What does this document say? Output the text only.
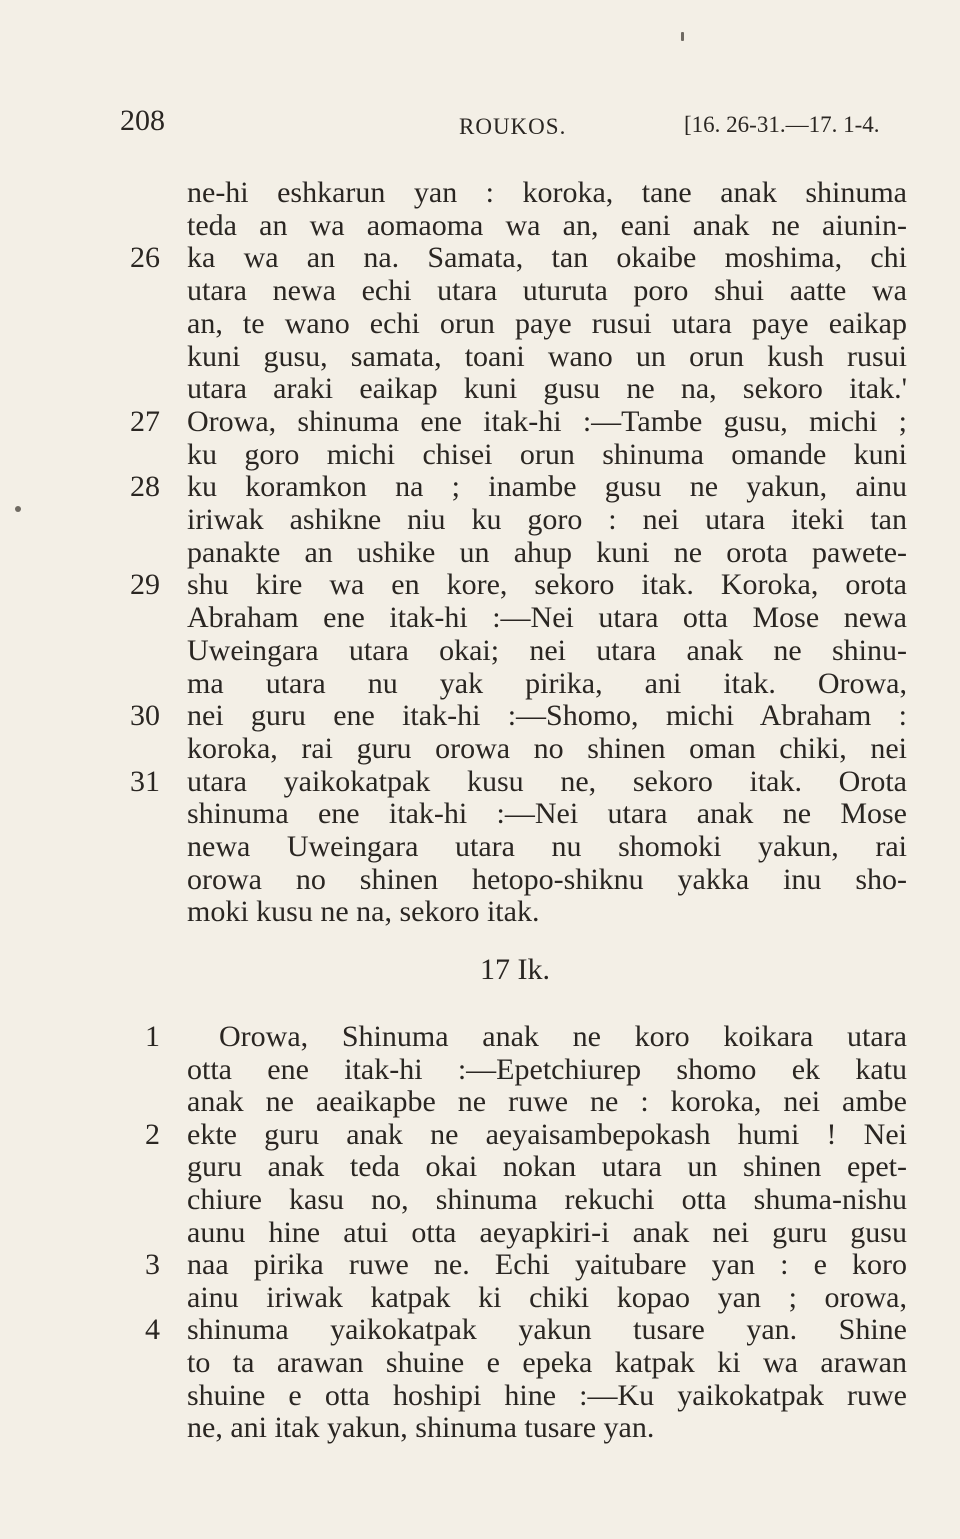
208	ROUKOS.	[16. 26-31.—17. 1-4.
ne-hi eshkarun yan : koroka, tane anak shinuma
teda an wa aomaoma wa an, eani anak ne aiunin-
26 ka wa an na. Samata, tan okaibe moshima, chi
utara newa echi utara uturuta poro shui aatte wa
an, te wano echi orun paye rusui utara paye eaikap
kuni gusu, samata, toani wano un orun kush rusui
utara araki eaikap kuni gusu ne na, sekoro itak.'
27 Orowa, shinuma ene itak-hi :—Tambe gusu, michi ;
ku goro michi chisei orun shinuma omande kuni
28 ku koramkon na ; inambe gusu ne yakun, ainu
iriwak ashikne niu ku goro : nei utara iteki tan
panakte an ushike un ahup kuni ne orota pawete-
29 shu kire wa en kore, sekoro itak. Koroka, orota
Abraham ene itak-hi :—Nei utara otta Mose newa
Uweingara utara okai; nei utara anak ne shinu-
ma utara nu yak pirika, ani itak. Orowa,
30 nei guru ene itak-hi :—Shomo, michi Abraham :
koroka, rai guru orowa no shinen oman chiki, nei
31 utara yaikokatpak kusu ne, sekoro itak. Orota
shinuma ene itak-hi :—Nei utara anak ne Mose
newa Uweingara utara nu shomoki yakun, rai
orowa no shinen hetopo-shiknu yakka inu sho-
moki kusu ne na, sekoro itak.
17 Ik.
1 Orowa, Shinuma anak ne koro koikara utara
otta ene itak-hi :—Epetchiurep shomo ek katu
anak ne aeaikapbe ne ruwe ne : koroka, nei ambe
2 ekte guru anak ne aeyaisambepokash humi ! Nei
guru anak teda okai nokan utara un shinen epet-
chiure kasu no, shinuma rekuchi otta shuma-nishu
aunu hine atui otta aeyapkiri-i anak nei guru gusu
3 naa pirika ruwe ne. Echi yaitubare yan : e koro
ainu iriwak katpak ki chiki kopao yan ; orowa,
4 shinuma yaikokatpak yakun tusare yan. Shine
to ta arawan shuine e epeka katpak ki wa arawan
shuine e otta hoshipi hine :—Ku yaikokatpak ruwe
ne, ani itak yakun, shinuma tusare yan.
